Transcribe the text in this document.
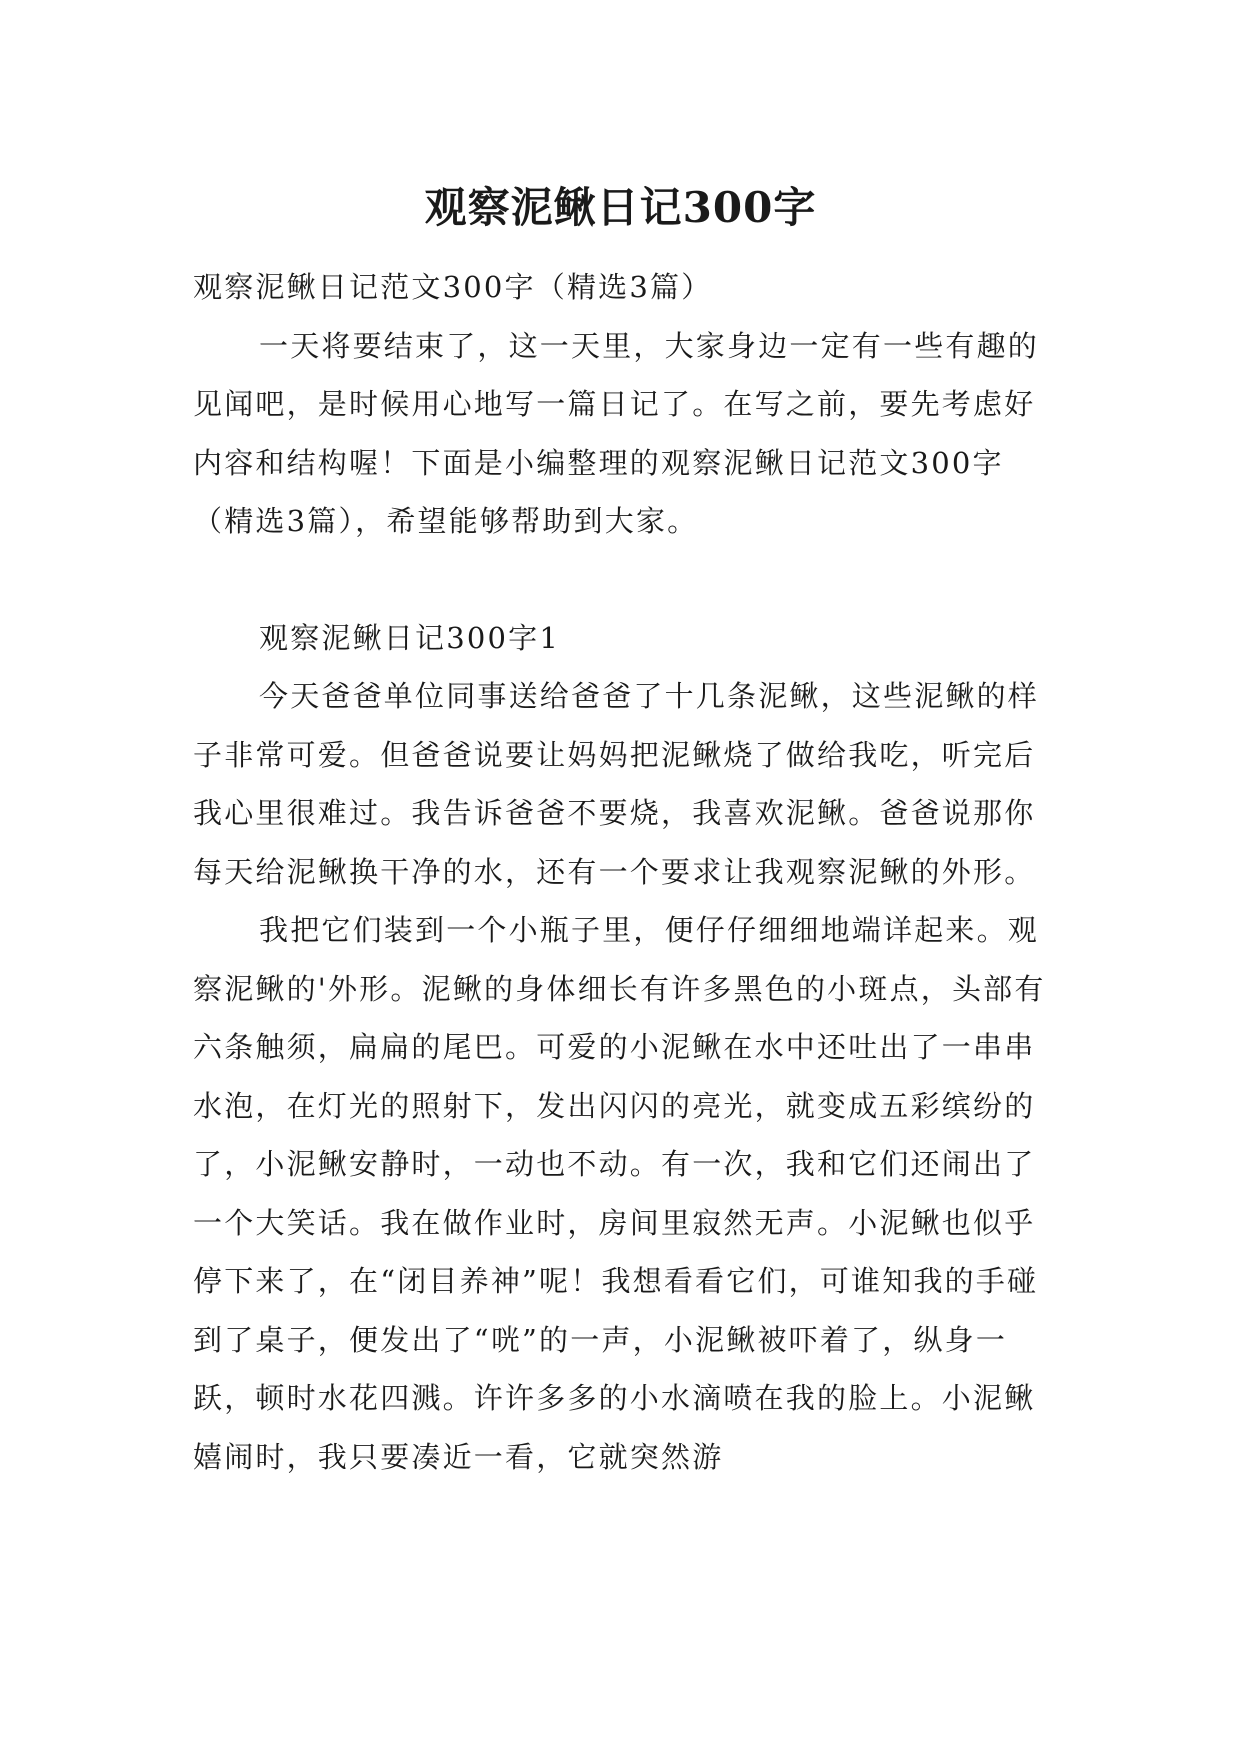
观察泥鳅日记300字

观察泥鳅日记范文300字（精选3篇）

一天将要结束了，这一天里，大家身边一定有一些有趣的见闻吧，是时候用心地写一篇日记了。在写之前，要先考虑好内容和结构喔！下面是小编整理的观察泥鳅日记范文300字（精选3篇），希望能够帮助到大家。

观察泥鳅日记300字1

今天爸爸单位同事送给爸爸了十几条泥鳅，这些泥鳅的样子非常可爱。但爸爸说要让妈妈把泥鳅烧了做给我吃，听完后我心里很难过。我告诉爸爸不要烧，我喜欢泥鳅。爸爸说那你每天给泥鳅换干净的水，还有一个要求让我观察泥鳅的外形。

我把它们装到一个小瓶子里，便仔仔细细地端详起来。观察泥鳅的'外形。泥鳅的身体细长有许多黑色的小斑点，头部有六条触须，扁扁的尾巴。可爱的小泥鳅在水中还吐出了一串串水泡，在灯光的照射下，发出闪闪的亮光，就变成五彩缤纷的了，小泥鳅安静时，一动也不动。有一次，我和它们还闹出了一个大笑话。我在做作业时，房间里寂然无声。小泥鳅也似乎停下来了，在“闭目养神”呢！我想看看它们，可谁知我的手碰到了桌子，便发出了“咣”的一声，小泥鳅被吓着了，纵身一跃，顿时水花四溅。许许多多的小水滴喷在我的脸上。小泥鳅嬉闹时，我只要凑近一看，它就突然游
